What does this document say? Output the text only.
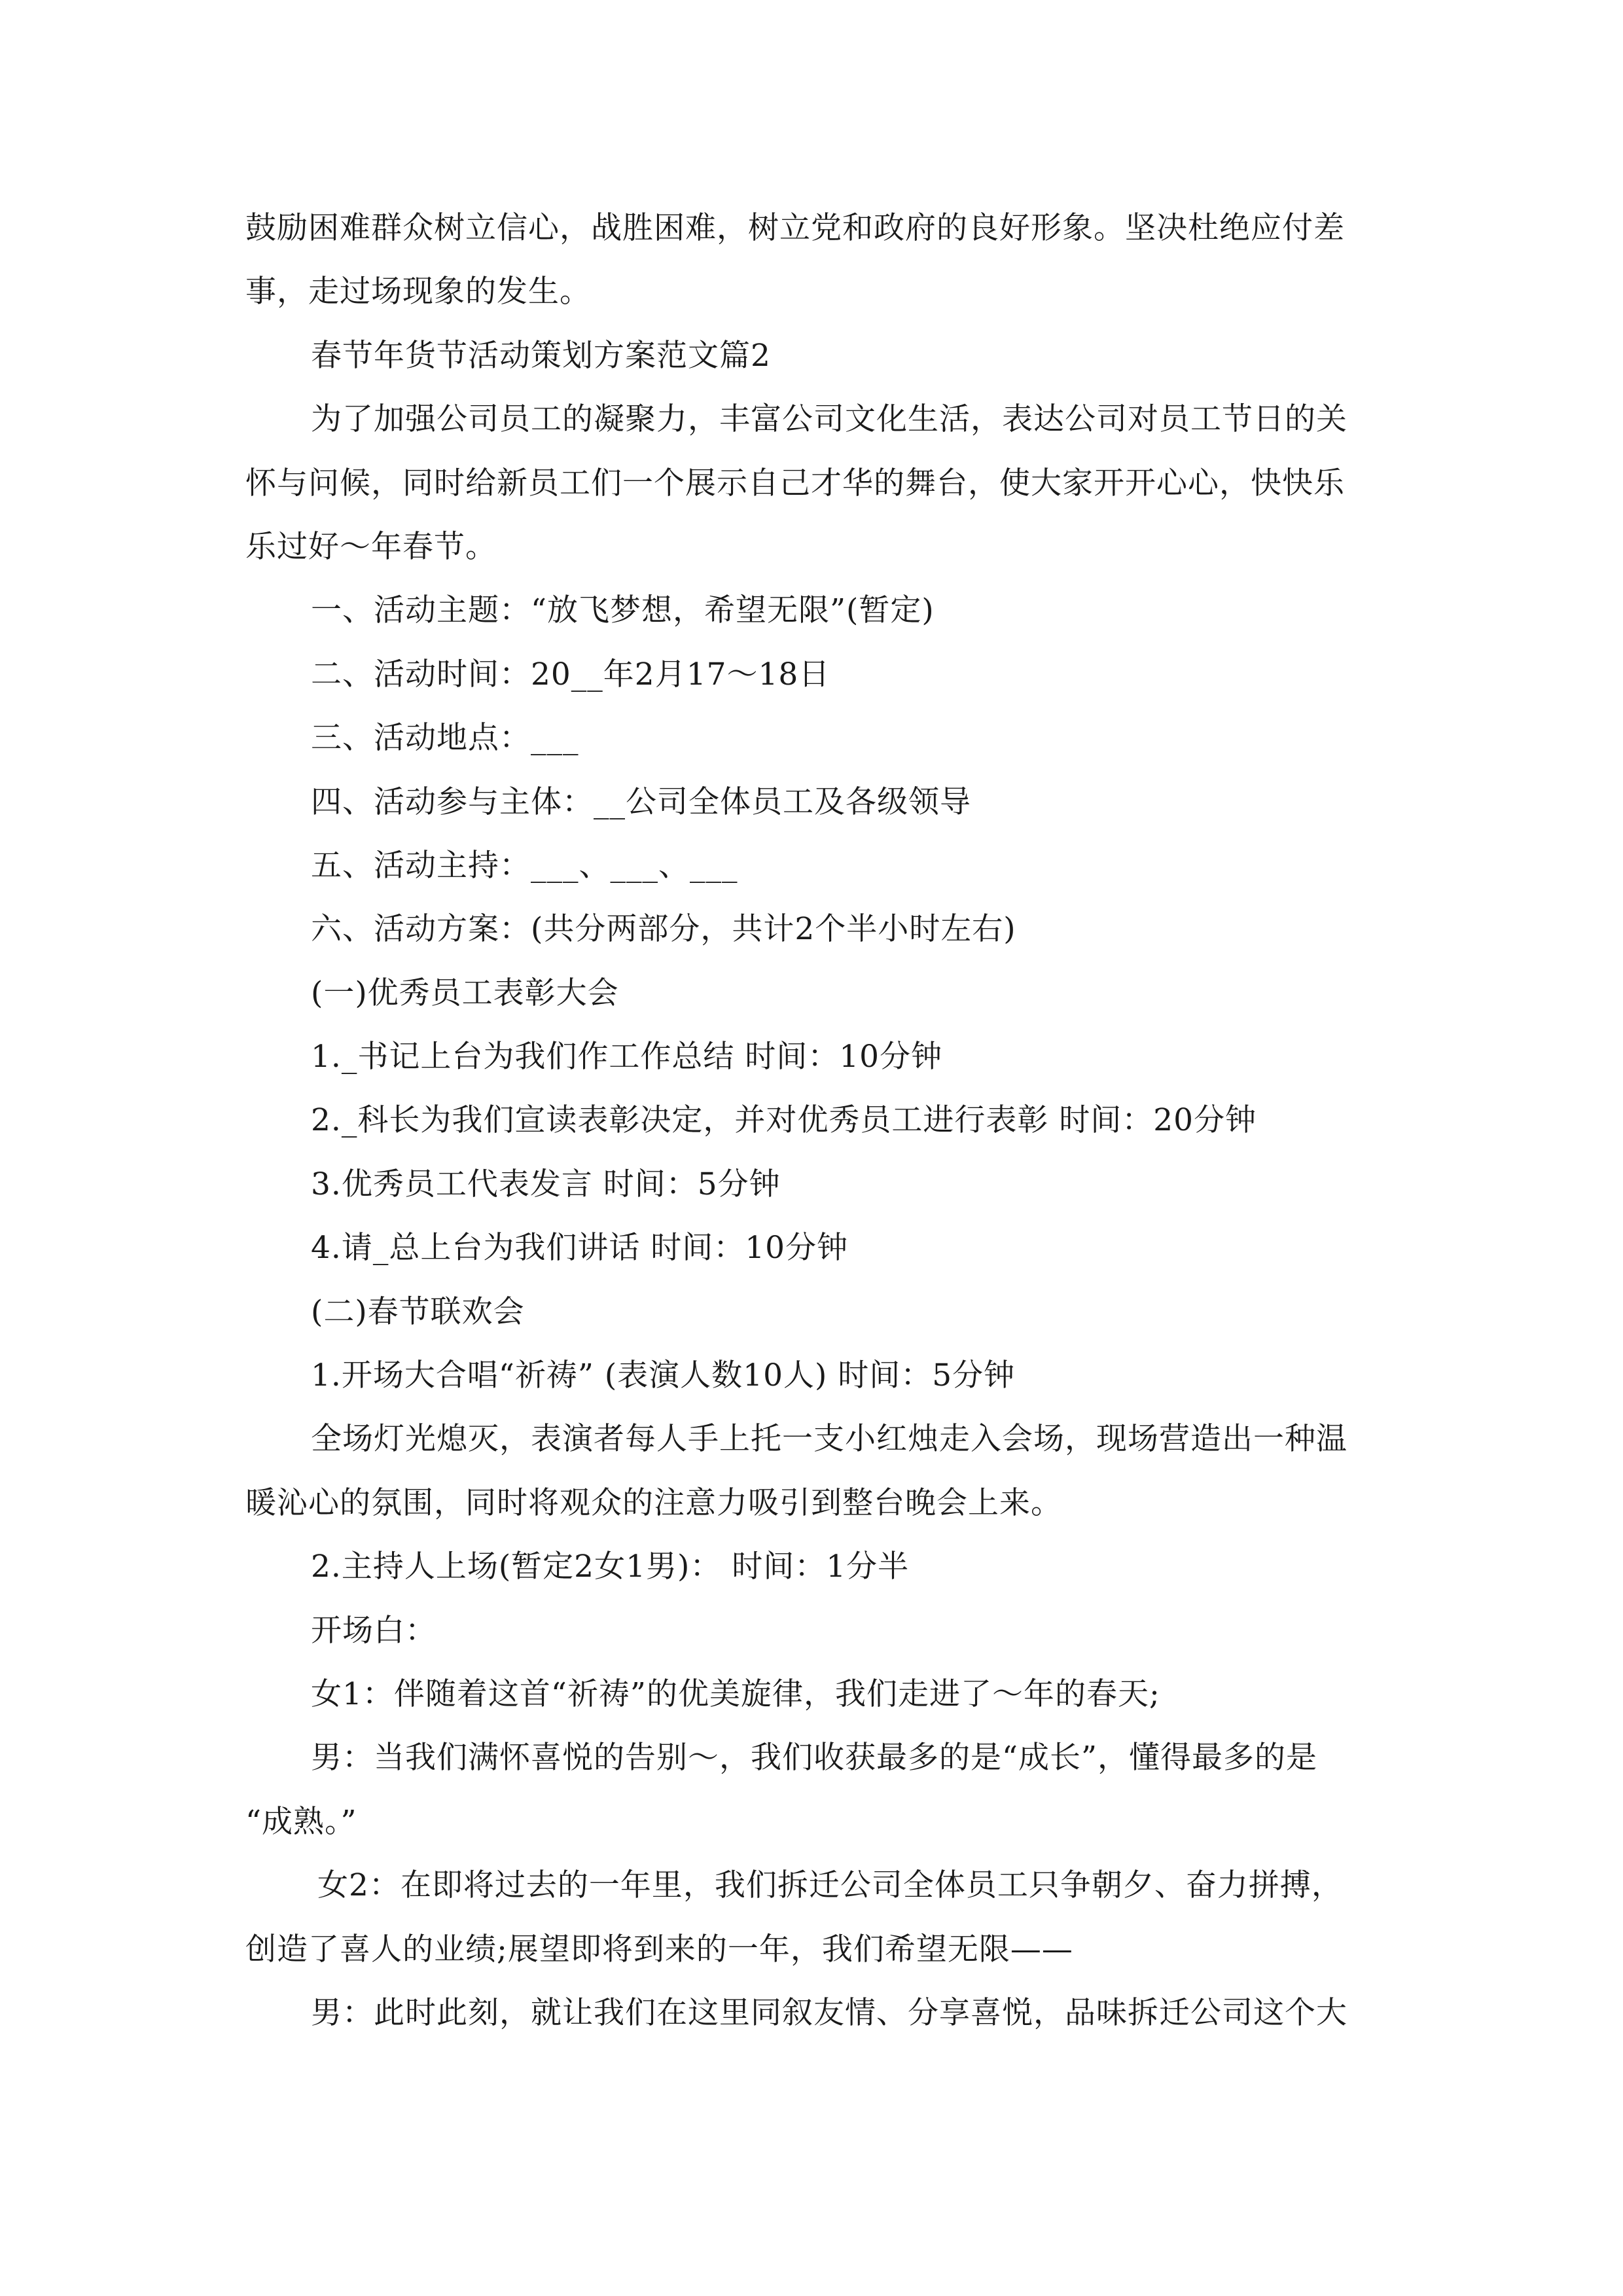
鼓励困难群众树立信心，战胜困难，树立党和政府的良好形象。坚决杜绝应付差
事，走过场现象的发生。
春节年货节活动策划方案范文篇2
为了加强公司员工的凝聚力，丰富公司文化生活，表达公司对员工节日的关
怀与问候，同时给新员工们一个展示自己才华的舞台，使大家开开心心，快快乐
乐过好～年春节。
一、活动主题：“放飞梦想，希望无限”(暂定)
二、活动时间：20__年2月17～18日
三、活动地点：___
四、活动参与主体：__公司全体员工及各级领导
五、活动主持：___、___、___
六、活动方案：(共分两部分，共计2个半小时左右)
(一)优秀员工表彰大会
1._书记上台为我们作工作总结 时间：10分钟
2._科长为我们宣读表彰决定，并对优秀员工进行表彰 时间：20分钟
3.优秀员工代表发言 时间：5分钟
4.请_总上台为我们讲话 时间：10分钟
(二)春节联欢会
1.开场大合唱“祈祷” (表演人数10人) 时间：5分钟
全场灯光熄灭，表演者每人手上托一支小红烛走入会场，现场营造出一种温
暖沁心的氛围，同时将观众的注意力吸引到整台晚会上来。
2.主持人上场(暂定2女1男)： 时间：1分半
开场白：
女1：伴随着这首“祈祷”的优美旋律，我们走进了～年的春天;
男：当我们满怀喜悦的告别～，我们收获最多的是“成长”，懂得最多的是
“成熟。”
女2：在即将过去的一年里，我们拆迁公司全体员工只争朝夕、奋力拼搏，
创造了喜人的业绩;展望即将到来的一年，我们希望无限——
男：此时此刻，就让我们在这里同叙友情、分享喜悦，品味拆迁公司这个大
